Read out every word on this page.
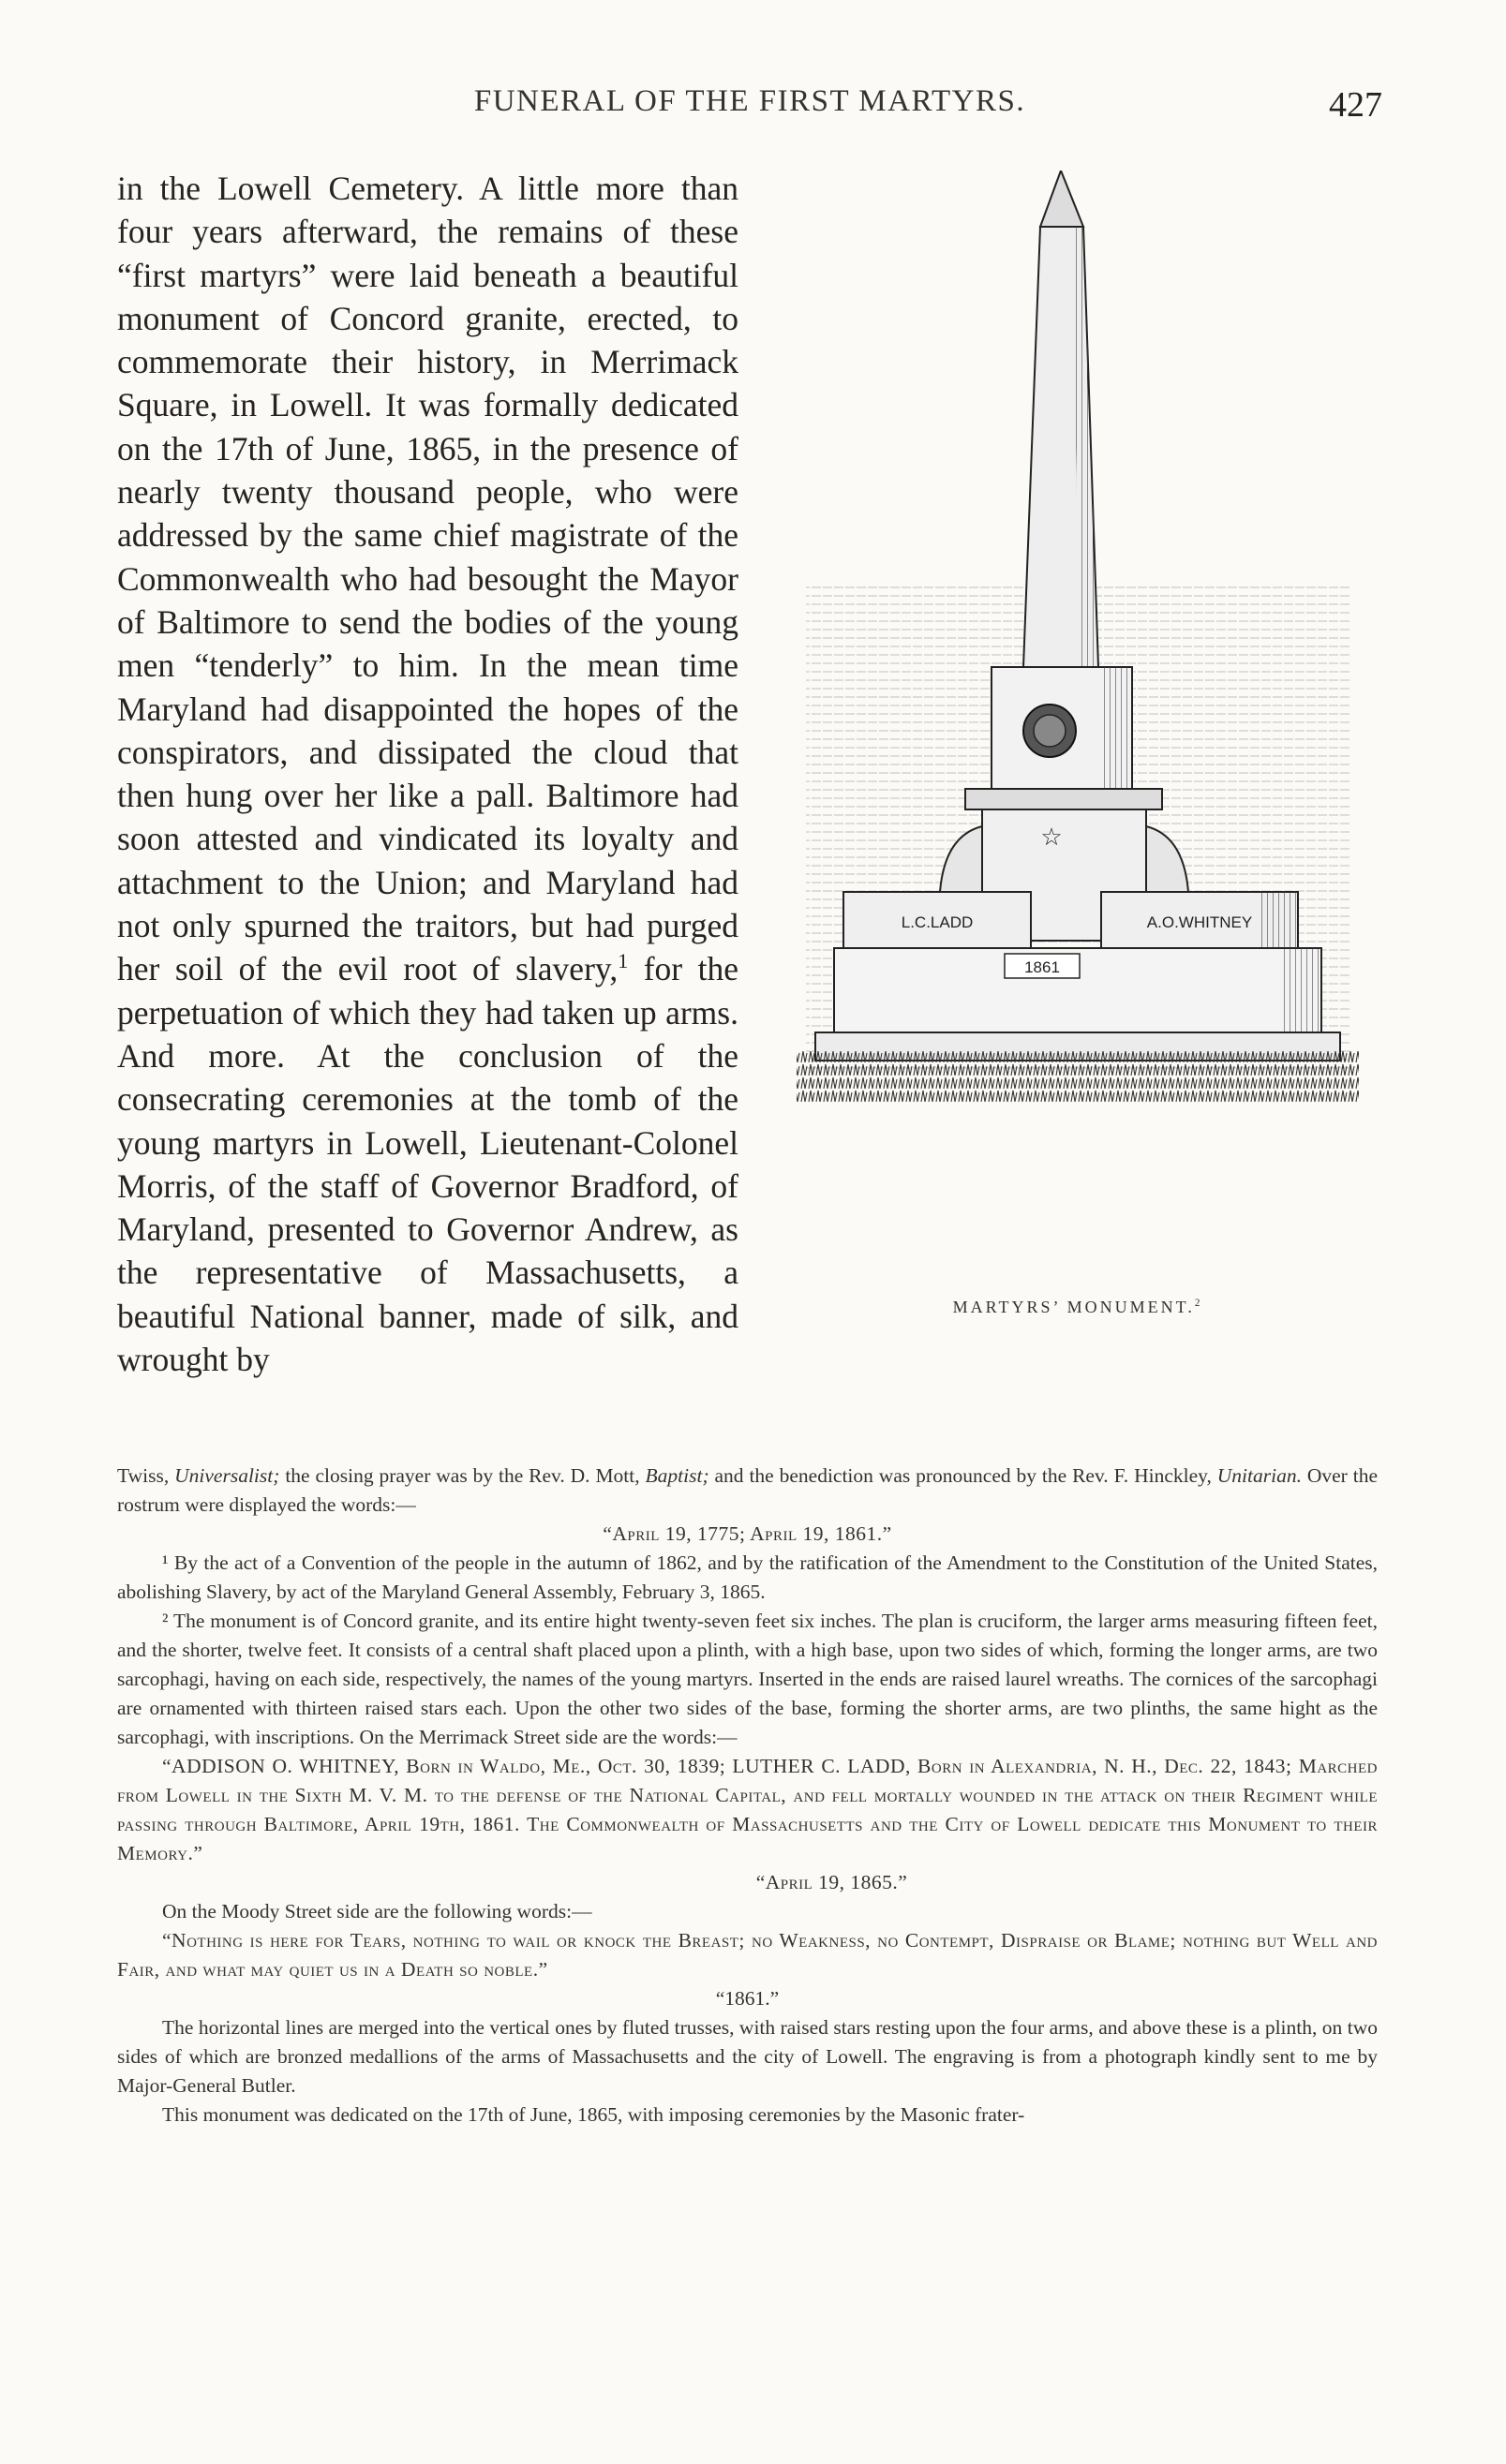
FUNERAL OF THE FIRST MARTYRS.	427
☆
L.C.LADD	A.O.WHITNEY
1861
MARTYRS’ MONUMENT.$^2$

in the Lowell Cemetery. A little more than four years afterward, the remains of these “first martyrs” were laid beneath a beautiful monument of Concord granite, erected, to commemorate their history, in Merrimack Square, in Lowell. It was formally dedicated on the 17th of June, 1865, in the presence of nearly twenty thousand people, who were addressed by the same chief magistrate of the Commonwealth who had besought the Mayor of Baltimore to send the bodies of the young men “tenderly” to him. In the mean time Maryland had disappointed the hopes of the conspirators, and dissipated the cloud that then hung over her like a pall. Baltimore had soon attested and vindicated its loyalty and attachment to the Union; and Maryland had not only spurned the traitors, but had purged her soil of the evil root of slavery,$^1$ for the perpetuation of which they had taken up arms. And more. At the conclusion of the consecrating ceremonies at the tomb of the young martyrs in Lowell, Lieutenant-Colonel Morris, of the staff of Governor Bradford, of Maryland, presented to Governor Andrew, as the representative of Massachusetts, a beautiful National banner, made of silk, and wrought by

Twiss, Universalist; the closing prayer was by the Rev. D. Mott, Baptist; and the benediction was pronounced by the Rev. F. Hinckley, Unitarian. Over the rostrum were displayed the words:—

“April 19, 1775; April 19, 1861.”

¹ By the act of a Convention of the people in the autumn of 1862, and by the ratification of the Amendment to the Constitution of the United States, abolishing Slavery, by act of the Maryland General Assembly, February 3, 1865.

² The monument is of Concord granite, and its entire hight twenty-seven feet six inches. The plan is cruciform, the larger arms measuring fifteen feet, and the shorter, twelve feet. It consists of a central shaft placed upon a plinth, with a high base, upon two sides of which, forming the longer arms, are two sarcophagi, having on each side, respectively, the names of the young martyrs. Inserted in the ends are raised laurel wreaths. The cornices of the sarcophagi are ornamented with thirteen raised stars each. Upon the other two sides of the base, forming the shorter arms, are two plinths, the same hight as the sarcophagi, with inscriptions. On the Merrimack Street side are the words:—

“ADDISON O. WHITNEY, Born in Waldo, Me., Oct. 30, 1839; LUTHER C. LADD, Born in Alexandria, N. H., Dec. 22, 1843; Marched from Lowell in the Sixth M. V. M. to the defense of the National Capital, and fell mortally wounded in the attack on their Regiment while passing through Baltimore, April 19th, 1861. The Commonwealth of Massachusetts and the City of Lowell dedicate this Monument to their Memory.”

“April 19, 1865.”

On the Moody Street side are the following words:—

“Nothing is here for Tears, nothing to wail or knock the Breast; no Weakness, no Contempt, Dispraise or Blame; nothing but Well and Fair, and what may quiet us in a Death so noble.”

“1861.”

The horizontal lines are merged into the vertical ones by fluted trusses, with raised stars resting upon the four arms, and above these is a plinth, on two sides of which are bronzed medallions of the arms of Massachusetts and the city of Lowell. The engraving is from a photograph kindly sent to me by Major-General Butler.

This monument was dedicated on the 17th of June, 1865, with imposing ceremonies by the Masonic frater-
